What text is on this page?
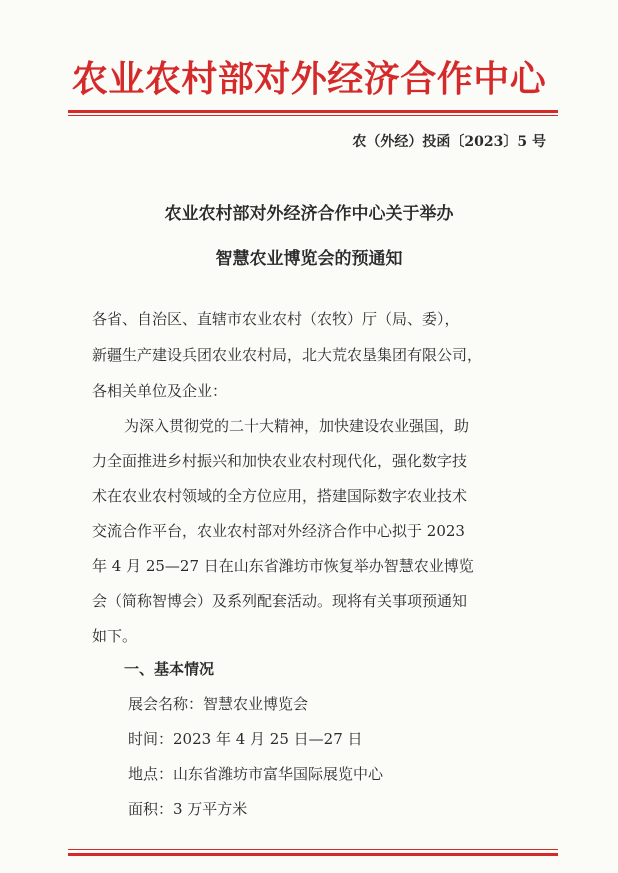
农业农村部对外经济合作中心
农（外经）投函〔2023〕5 号
农业农村部对外经济合作中心关于举办
智慧农业博览会的预通知
各省、自治区、直辖市农业农村（农牧）厅（局、委），
新疆生产建设兵团农业农村局，北大荒农垦集团有限公司，
各相关单位及企业：
为深入贯彻党的二十大精神，加快建设农业强国，助
力全面推进乡村振兴和加快农业农村现代化，强化数字技
术在农业农村领域的全方位应用，搭建国际数字农业技术
交流合作平台，农业农村部对外经济合作中心拟于 2023
年 4 月 25—27 日在山东省潍坊市恢复举办智慧农业博览
会（简称智博会）及系列配套活动。现将有关事项预通知
如下。
一、基本情况
展会名称：智慧农业博览会
时间：2023 年 4 月 25 日—27 日
地点：山东省潍坊市富华国际展览中心
面积：3 万平方米
